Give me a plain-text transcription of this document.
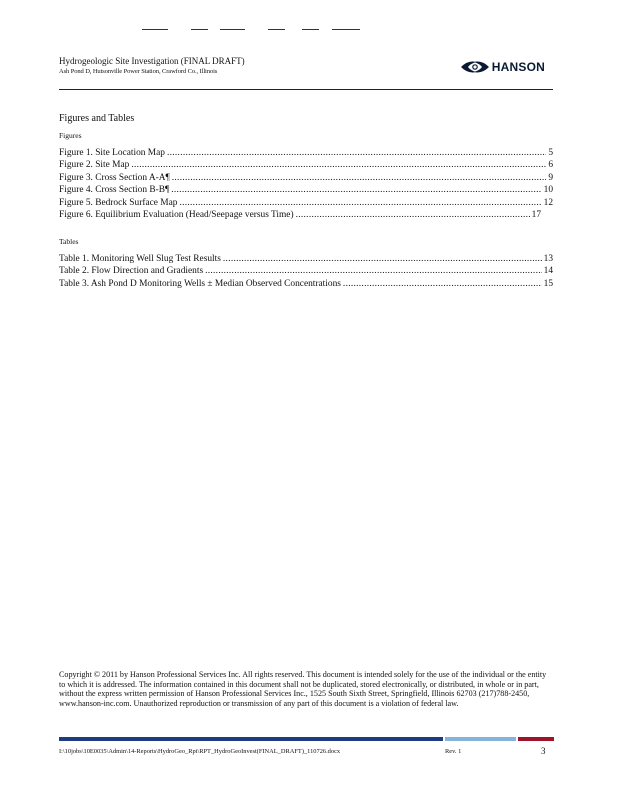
Hydrogeologic Site Investigation (FINAL DRAFT)
Ash Pond D, Hutsonville Power Station, Crawford Co., Illinois	HANSON
Figures and Tables
Figures
Figure 1. Site Location Map .....	5
Figure 2. Site Map .....	6
Figure 3. Cross Section A-A¶ .....	9
Figure 4. Cross Section B-B¶ .....	10
Figure 5. Bedrock Surface Map .....	12
Figure 6. Equilibrium Evaluation (Head/Seepage versus Time) .....	17
Tables
Table 1. Monitoring Well Slug Test Results .....	13
Table 2. Flow Direction and Gradients .....	14
Table 3. Ash Pond D Monitoring Wells ± Median Observed Concentrations .....	15
Copyright © 2011 by Hanson Professional Services Inc. All rights reserved. This document is intended solely for the use of the individual or the entity to which it is addressed. The information contained in this document shall not be duplicated, stored electronically, or distributed, in whole or in part, without the express written permission of Hanson Professional Services Inc., 1525 South Sixth Street, Springfield, Illinois 62703 (217)788-2450, www.hanson-inc.com. Unauthorized reproduction or transmission of any part of this document is a violation of federal law.
I:\10jobs\10E0035\Admin\14-Reports\HydroGeo_Rpt\RPT_HydroGeoInvest(FINAL_DRAFT)_110726.docx	Rev. 1	3
